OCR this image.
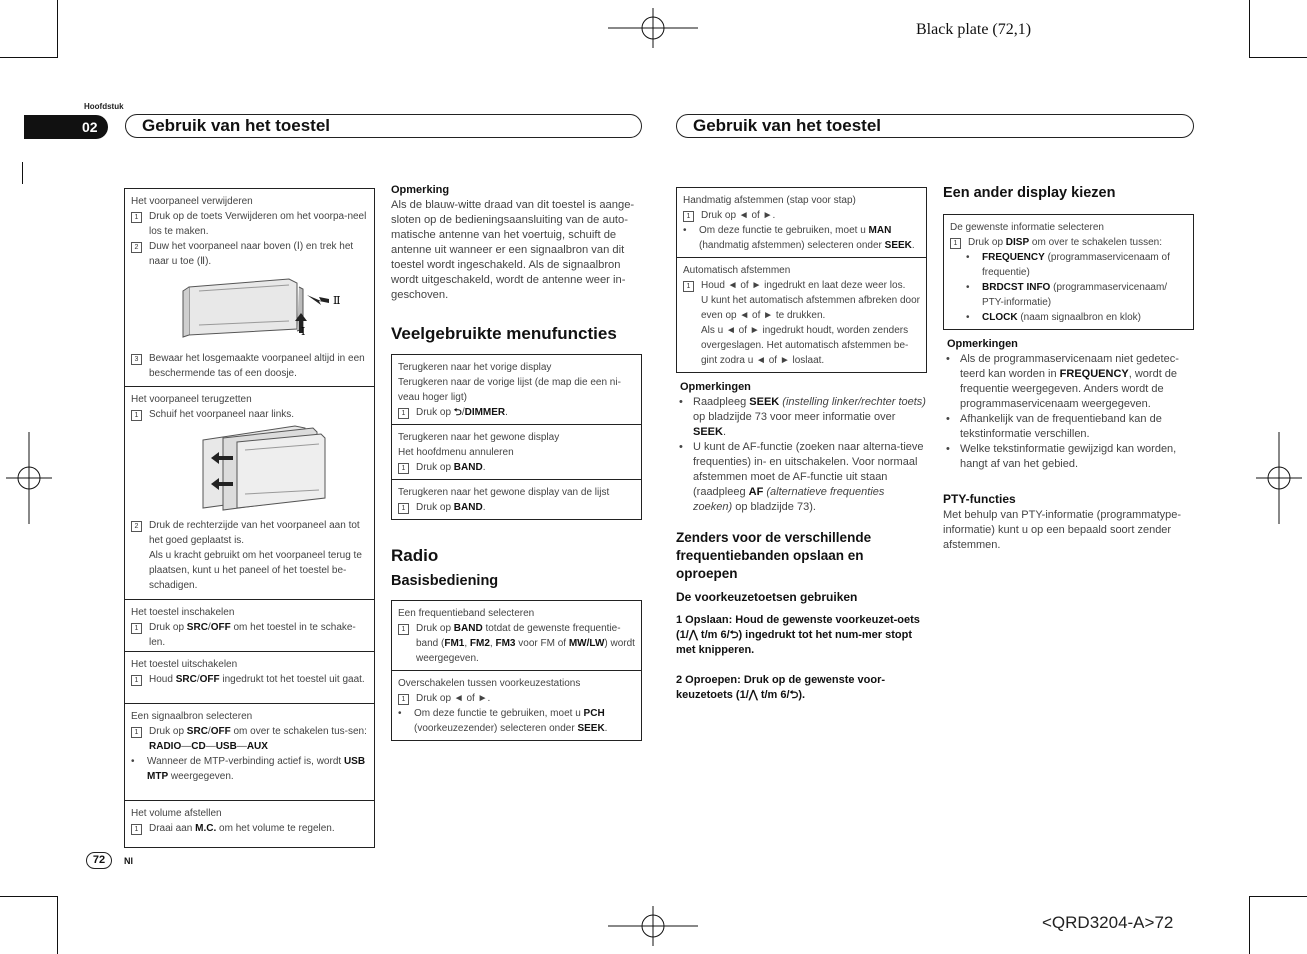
Black plate (72,1)
Hoofdstuk
02	Gebruik van het toestel	Gebruik van het toestel
Het voorpaneel verwijderen
1	Druk op de toets Verwijderen om het voorpa-neel los te maken.
2	Duw het voorpaneel naar boven (Ⅰ) en trek het naar u toe (Ⅱ).
Ⅱ
Ⅰ
3	Bewaar het losgemaakte voorpaneel altijd in een beschermende tas of een doosje.
Het voorpaneel terugzetten
1	Schuif het voorpaneel naar links.
2	Druk de rechterzijde van het voorpaneel aan tot het goed geplaatst is.
Als u kracht gebruikt om het voorpaneel terug te plaatsen, kunt u het paneel of het toestel be-schadigen.
Het toestel inschakelen
1	Druk op SRC/OFF om het toestel in te schake-len.
Het toestel uitschakelen
1	Houd SRC/OFF ingedrukt tot het toestel uit gaat.
Een signaalbron selecteren
1	Druk op SRC/OFF om over te schakelen tus-sen:
RADIO—CD—USB—AUX
•	Wanneer de MTP-verbinding actief is, wordt USB MTP weergegeven.
Het volume afstellen
1	Draai aan M.C. om het volume te regelen.
Opmerking
Als de blauw-witte draad van dit toestel is aange-sloten op de bedieningsaansluiting van de auto-matische antenne van het voertuig, schuift de antenne uit wanneer er een signaalbron van dit toestel wordt ingeschakeld. Als de signaalbron wordt uitgeschakeld, wordt de antenne weer in-geschoven.
Veelgebruikte menufuncties
Terugkeren naar het vorige display
Terugkeren naar de vorige lijst (de map die een ni-veau hoger ligt)
1	Druk op ⮌/DIMMER.
Terugkeren naar het gewone display
Het hoofdmenu annuleren
1	Druk op BAND.
Terugkeren naar het gewone display van de lijst
1	Druk op BAND.
Radio
Basisbediening
Een frequentieband selecteren
1	Druk op BAND totdat de gewenste frequentie-band (FM1, FM2, FM3 voor FM of MW/LW) wordt weergegeven.
Overschakelen tussen voorkeuzestations
1	Druk op ◄ of ►.
•	Om deze functie te gebruiken, moet u PCH (voorkeuzezender) selecteren onder SEEK.
Handmatig afstemmen (stap voor stap)
1	Druk op ◄ of ►.
•	Om deze functie te gebruiken, moet u MAN (handmatig afstemmen) selecteren onder SEEK.
Automatisch afstemmen
1	Houd ◄ of ► ingedrukt en laat deze weer los.
U kunt het automatisch afstemmen afbreken door even op ◄ of ► te drukken.
Als u ◄ of ► ingedrukt houdt, worden zenders overgeslagen. Het automatisch afstemmen be-gint zodra u ◄ of ► loslaat.
Opmerkingen
• Raadpleeg SEEK (instelling linker/rechter toets) op bladzijde 73 voor meer informatie over SEEK.
• U kunt de AF-functie (zoeken naar alterna-tieve frequenties) in- en uitschakelen. Voor normaal afstemmen moet de AF-functie uit staan (raadpleeg AF (alternatieve frequenties zoeken) op bladzijde 73).
Zenders voor de verschillende frequentiebanden opslaan en oproepen
De voorkeuzetoetsen gebruiken
1 Opslaan: Houd de gewenste voorkeuzet-oets (1/⋀ t/m 6/⮌) ingedrukt tot het num-mer stopt met knipperen.
2 Oproepen: Druk op de gewenste voor-keuzetoets (1/⋀ t/m 6/⮌).
Een ander display kiezen
De gewenste informatie selecteren
1	Druk op DISP om over te schakelen tussen:
•	FREQUENCY (programmaservicenaam of frequentie)
•	BRDCST INFO (programmaservicenaam/ PTY-informatie)
•	CLOCK (naam signaalbron en klok)
Opmerkingen
• Als de programmaservicenaam niet gedetec-teerd kan worden in FREQUENCY, wordt de frequentie weergegeven. Anders wordt de programmaservicenaam weergegeven.
• Afhankelijk van de frequentieband kan de tekstinformatie verschillen.
• Welke tekstinformatie gewijzigd kan worden, hangt af van het gebied.
PTY-functies
Met behulp van PTY-informatie (programmatype-informatie) kunt u op een bepaald soort zender afstemmen.
72	Nl
<QRD3204-A>72
